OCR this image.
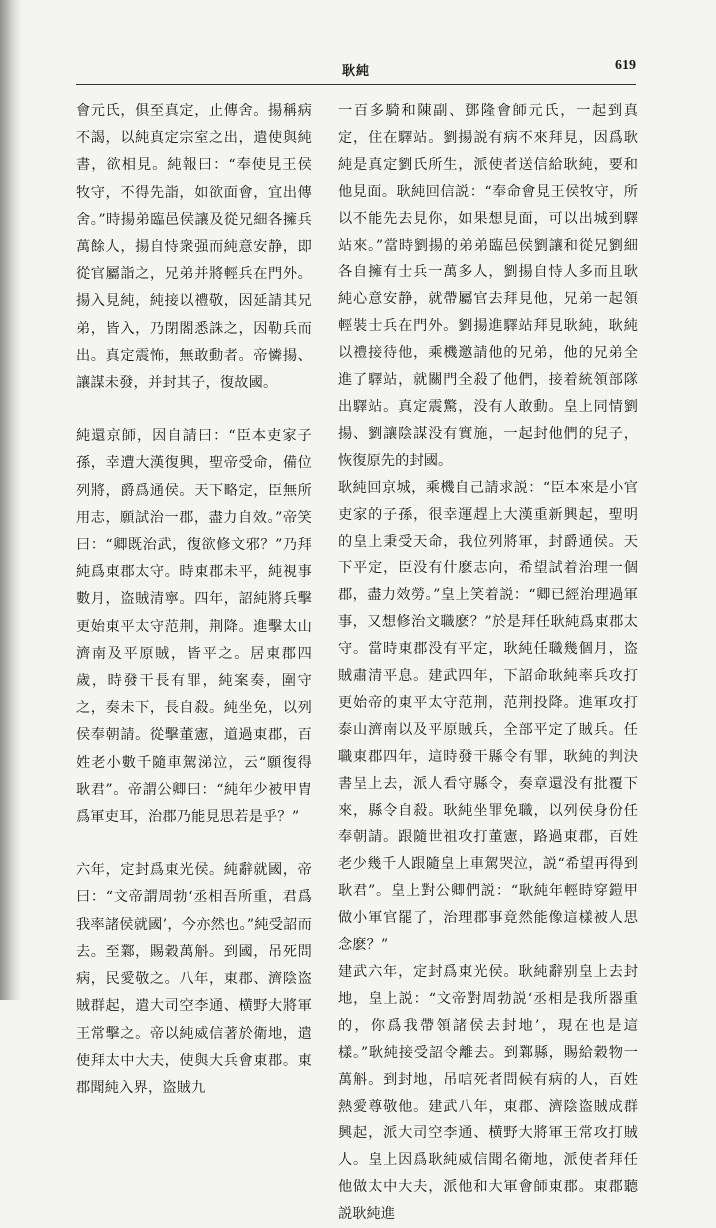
耿純	619

會元氏，俱至真定，止傳舍。揚稱病不謁，以純真定宗室之出，遣使與純書，欲相見。純報曰：“奉使見王侯牧守，不得先詣，如欲面會，宜出傳舍。”時揚弟臨邑侯讓及從兄細各擁兵萬餘人，揚自恃衆强而純意安静，即從官屬詣之，兄弟并將輕兵在門外。揚入見純，純接以禮敬，因延請其兄弟，皆入，乃閉閤悉誅之，因勒兵而出。真定震怖，無敢動者。帝憐揚、讓謀未發，并封其子，復故國。

純還京師，因自請曰：“臣本吏家子孫，幸遭大漢復興，聖帝受命，備位列將，爵爲通侯。天下略定，臣無所用志，願試治一郡，盡力自效。”帝笑曰：“卿既治武，復欲修文邪？”乃拜純爲東郡太守。時東郡未平，純視事數月，盗賊清寧。四年，詔純將兵擊更始東平太守范荆，荆降。進擊太山濟南及平原賊，皆平之。居東郡四歲，時發干長有罪，純案奏，圍守之，奏未下，長自殺。純坐免，以列侯奉朝請。從擊董憲，道過東郡，百姓老小數千隨車駕涕泣，云“願復得耿君”。帝謂公卿曰：“純年少被甲胄爲軍吏耳，治郡乃能見思若是乎？”

六年，定封爲東光侯。純辭就國，帝曰：“文帝謂周勃‘丞相吾所重，君爲我率諸侯就國’，今亦然也。”純受詔而去。至鄴，賜穀萬斛。到國，吊死問病，民愛敬之。八年，東郡、濟陰盗賊群起，遣大司空李通、横野大將軍王常擊之。帝以純威信著於衛地，遣使拜太中大夫，使與大兵會東郡。東郡聞純入界，盗賊九

一百多騎和陳副、鄧隆會師元氏，一起到真定，住在驛站。劉揚説有病不來拜見，因爲耿純是真定劉氏所生，派使者送信給耿純，要和他見面。耿純回信説：“奉命會見王侯牧守，所以不能先去見你，如果想見面，可以出城到驛站來。”當時劉揚的弟弟臨邑侯劉讓和從兄劉細各自擁有士兵一萬多人，劉揚自恃人多而且耿純心意安静，就帶屬官去拜見他，兄弟一起領輕裝士兵在門外。劉揚進驛站拜見耿純，耿純以禮接待他，乘機邀請他的兄弟，他的兄弟全進了驛站，就關門全殺了他們，接着統領部隊出驛站。真定震驚，没有人敢動。皇上同情劉揚、劉讓陰謀没有實施，一起封他們的兒子，恢復原先的封國。

耿純回京城，乘機自己請求説：“臣本來是小官吏家的子孫，很幸運趕上大漢重新興起，聖明的皇上秉受天命，我位列將軍，封爵通侯。天下平定，臣没有什麽志向，希望試着治理一個郡，盡力效勞。”皇上笑着説：“卿已經治理過軍事，又想修治文職麽？”於是拜任耿純爲東郡太守。當時東郡没有平定，耿純任職幾個月，盗賊肅清平息。建武四年，下詔命耿純率兵攻打更始帝的東平太守范荆，范荆投降。進軍攻打泰山濟南以及平原賊兵，全部平定了賊兵。任職東郡四年，這時發干縣令有罪，耿純的判決書呈上去，派人看守縣令，奏章還没有批覆下來，縣令自殺。耿純坐罪免職，以列侯身份任奉朝請。跟隨世祖攻打董憲，路過東郡，百姓老少幾千人跟隨皇上車駕哭泣，説“希望再得到耿君”。皇上對公卿們説：“耿純年輕時穿鎧甲做小軍官罷了，治理郡事竟然能像這樣被人思念麽？”

建武六年，定封爲東光侯。耿純辭别皇上去封地，皇上説：“文帝對周勃説‘丞相是我所器重的，你爲我帶領諸侯去封地’，現在也是這樣。”耿純接受詔令離去。到鄴縣，賜給穀物一萬斛。到封地，吊唁死者問候有病的人，百姓熱愛尊敬他。建武八年，東郡、濟陰盗賊成群興起，派大司空李通、横野大將軍王常攻打賊人。皇上因爲耿純威信聞名衛地，派使者拜任他做太中大夫，派他和大軍會師東郡。東郡聽説耿純進
